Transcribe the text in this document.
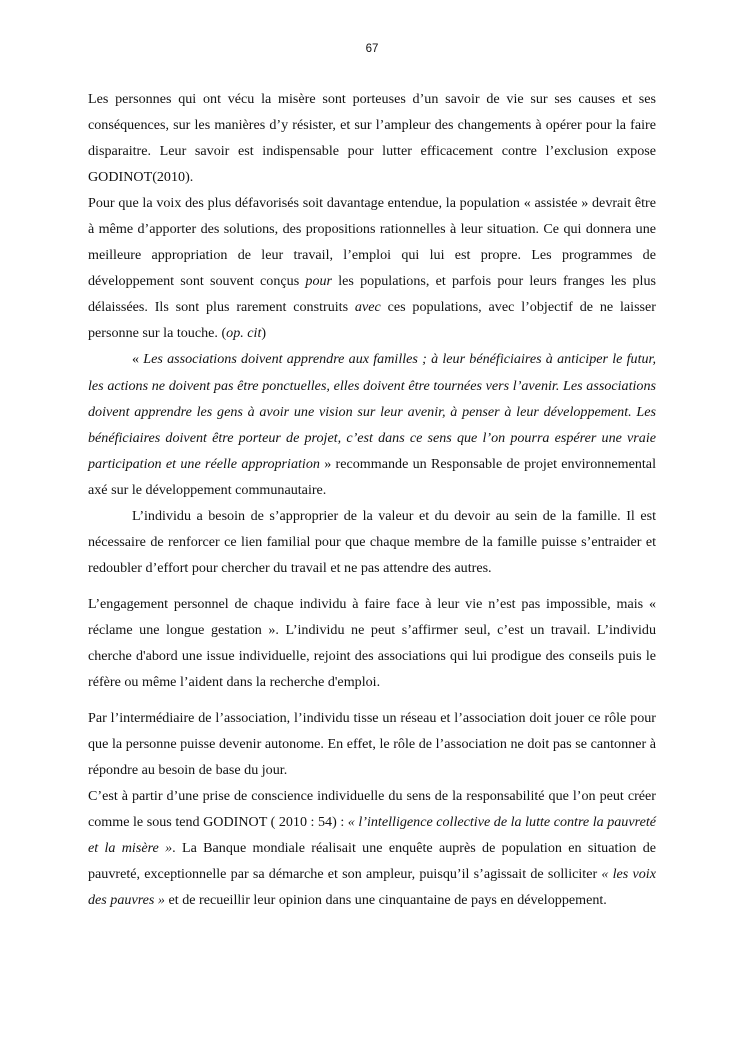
67

Les personnes qui ont vécu la misère sont porteuses d’un savoir de vie sur ses causes et ses conséquences, sur les manières d’y résister, et sur l’ampleur des changements à opérer pour la faire disparaitre. Leur savoir est indispensable pour lutter efficacement contre l’exclusion expose GODINOT(2010).

Pour que la voix des plus défavorisés soit davantage entendue, la population « assistée » devrait être à même d’apporter des solutions, des propositions rationnelles à leur situation. Ce qui donnera une meilleure appropriation de leur travail, l’emploi qui lui est propre. Les programmes de développement sont souvent conçus pour les populations, et parfois pour leurs franges les plus délaissées. Ils sont plus rarement construits avec ces populations, avec l’objectif de ne laisser personne sur la touche. (op. cit)

« Les associations doivent apprendre aux familles ; à leur bénéficiaires à anticiper le futur, les actions ne doivent pas être ponctuelles, elles doivent être tournées vers l’avenir. Les associations doivent apprendre les gens à avoir une vision sur leur avenir, à penser à leur développement. Les bénéficiaires doivent être porteur de projet, c’est dans ce sens que l’on pourra espérer une vraie participation et une réelle appropriation » recommande un Responsable de projet environnemental axé sur le développement communautaire.

L’individu a besoin de s’approprier de la valeur et du devoir au sein de la famille. Il est nécessaire de renforcer ce lien familial pour que chaque membre de la famille puisse s’entraider et redoubler d’effort pour chercher du travail et ne pas attendre des autres.

L’engagement personnel de chaque individu à faire face à leur vie n’est pas impossible, mais « réclame une longue gestation ». L’individu ne peut s’affirmer seul, c’est un travail. L’individu cherche d'abord une issue individuelle, rejoint des associations qui lui prodigue des conseils puis le réfère ou même l’aident dans la recherche d'emploi.

Par l’intermédiaire de l’association, l’individu tisse un réseau et l’association doit jouer ce rôle pour que la personne puisse devenir autonome. En effet, le rôle de l’association ne doit pas se cantonner à répondre au besoin de base du jour.

C’est à partir d’une prise de conscience individuelle du sens de la responsabilité que l’on peut créer comme le sous tend GODINOT ( 2010 : 54) : « l’intelligence collective de la lutte contre la pauvreté et la misère ». La Banque mondiale réalisait une enquête auprès de population en situation de pauvreté, exceptionnelle par sa démarche et son ampleur, puisqu’il s’agissait de solliciter « les voix des pauvres » et de recueillir leur opinion dans une cinquantaine de pays en développement.
